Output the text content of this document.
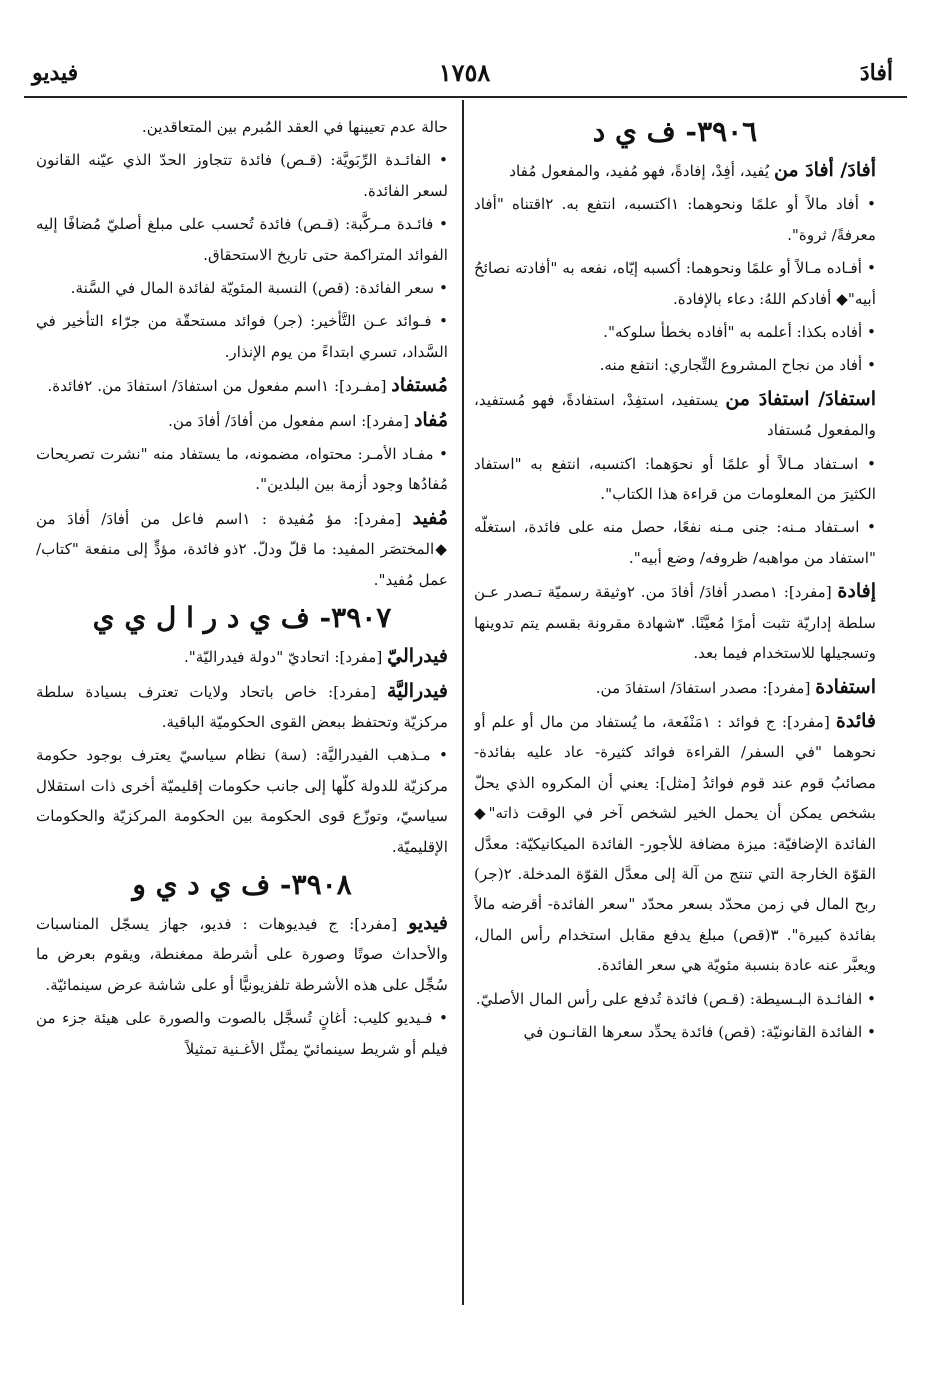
أفادَ
١٧٥٨
فيديو

٣٩٠٦- ف ي د

أفادَ/ أفادَ من يُفيد، أفِدْ، إفادةً، فهو مُفيد، والمفعول مُفاد

• أفاد مالاً أو علمًا ونحوهما: ١اكتسبه، انتفع به. ٢اقتناه "أفاد معرفةً/ ثروة".

• أفـاده مـالاً أو علمًا ونحوهما: أكسبه إيّاه، نفعه به "أفادته نصائحُ أبيه"◆ أفادكم اللهُ: دعاء بالإفادة.

• أفاده بكذا: أعلمه به "أفاده بخطأ سلوكه".

• أفاد من نجاح المشروع التِّجاري: انتفع منه.

استفادَ/ استفادَ من يستفيد، استفِدْ، استفادةً، فهو مُستفيد، والمفعول مُستفاد

• اسـتفاد مـالاً أو علمًا أو نحوَهما: اكتسبه، انتفع به "استفاد الكثيرَ من المعلومات من قراءة هذا الكتاب".

• اسـتفاد مـنه: جنى مـنه نفعًا، حصل منه على فائدة، استغلّه "استفاد من مواهبه/ ظروفه/ وضع أبيه".

إفادة [مفرد]: ١مصدر أفادَ/ أفادَ من. ٢وثيقة رسميّة تـصدر عـن سلطة إداريّة تثبت أمرًا مُعيَّنًا. ٣شهادة مقرونة بقسم يتم تدوينها وتسجيلها للاستخدام فيما بعد.

استفادة [مفرد]: مصدر استفادَ/ استفادَ من.

فائدة [مفرد]: ج فوائد : ١مَنْفَعة، ما يُستفاد من مال أو علم أو نحوهما "في السفر/ القراءة فوائد كثيرة- عاد عليه بفائدة- مصائبُ قوم عند قوم فوائدُ [مثل]: يعني أن المكروه الذي يحلّ بشخص يمكن أن يحمل الخير لشخص آخر في الوقت ذاته"◆ الفائدة الإضافيّة: ميزة مضافة للأجور- الفائدة الميكانيكيّة: معدَّل القوّة الخارجة التي تنتج من آلة إلى معدَّل القوّة المدخلة. ٢(جر) ربح المال في زمن محدّد بسعر محدّد "سعر الفائدة- أقرضه مالاً بفائدة كبيرة". ٣(قص) مبلغ يدفع مقابل استخدام رأس المال، ويعبَّر عنه عادة بنسبة مئويّة هي سعر الفائدة.

• الفائـدة البـسيطة: (قـص) فائدة تُدفع على رأس المال الأصليّ.

• الفائدة القانونيّة: (قص) فائدة يحدِّد سعرها القانـون في

حالة عدم تعيينها في العقد المُبرم بين المتعاقدين.

• الفائـدة الرِّبَويَّة: (قـص) فائدة تتجاوز الحدّ الذي عيّنه القانون لسعر الفائدة.

• فائـدة مـركَّبة: (قـص) فائدة تُحسب على مبلغ أصليّ مُضافًا إليه الفوائد المتراكمة حتى تاريخ الاستحقاق.

• سعر الفائدة: (قص) النسبة المئويّة لفائدة المال في السَّنة.

• فـوائد عـن التَّأخير: (جر) فوائد مستحقّة من جرّاء التأخير في السَّداد، تسري ابتداءً من يوم الإنذار.

مُستفاد [مفـرد]: ١اسم مفعول من استفادَ/ استفادَ من. ٢فائدة.

مُفاد [مفرد]: اسم مفعول من أفادَ/ أفادَ من.

• مفـاد الأمـر: محتواه، مضمونه، ما يستفاد منه "نشرت تصريحات مُفادُها وجود أزمة بين البلدين".

مُفيد [مفرد]: مؤ مُفيدة : ١اسم فاعل من أفادَ/ أفادَ من ◆المختصَر المفيد: ما قلّ ودلّ. ٢ذو فائدة، مؤدٍّ إلى منفعة "كتاب/ عمل مُفيد".

٣٩٠٧- ف ي د ر ا ل ي ي

فيدراليّ [مفرد]: اتحاديّ "دولة فيدراليّة".

فيدراليَّة [مفرد]: خاص باتحاد ولايات تعترف بسيادة سلطة مركزيّة وتحتفظ ببعض القوى الحكوميّة الباقية.

• مـذهب الفيدراليَّة: (سة) نظام سياسيّ يعترف بوجود حكومة مركزيّة للدولة كلّها إلى جانب حكومات إقليميّة أخرى ذات استقلال سياسيّ، وتوزّع قوى الحكومة بين الحكومة المركزيّة والحكومات الإقليميّة.

٣٩٠٨- ف ي د ي و

فيديو [مفرد]: ج فيديوهات : فديو، جهاز يسجّل المناسبات والأحداث صوتًا وصورة على أشرطة ممغنطة، ويقوم بعرض ما سُجِّل على هذه الأشرطة تلفزيونيًّا أو على شاشة عرض سينمائيّة.

• فـيديو كليب: أغانٍ تُسجَّل بالصوت والصورة على هيئة جزء من فيلم أو شريط سينمائيّ يمثّل الأغـنية تمثيلاً
